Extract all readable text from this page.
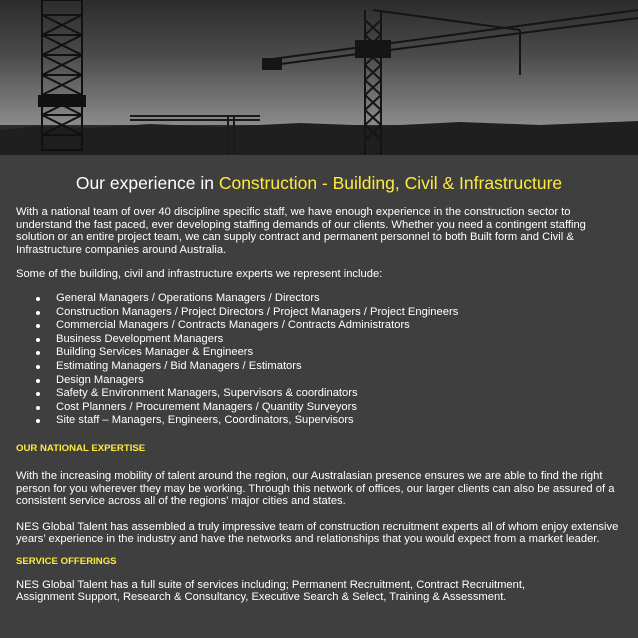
Our experience in Construction - Building, Civil & Infrastructure

With a national team of over 40 discipline specific staff, we have enough experience in the construction sector to understand the fast paced, ever developing staffing demands of our clients. Whether you need a contingent staffing solution or an entire project team, we can supply contract and permanent personnel to both Built form and Civil & Infrastructure companies around Australia.

Some of the building, civil and infrastructure experts we represent include:

General Managers / Operations Managers / Directors
Construction Managers / Project Directors / Project Managers / Project Engineers
Commercial Managers / Contracts Managers / Contracts Administrators
Business Development Managers
Building Services Manager & Engineers
Estimating Managers / Bid Managers / Estimators
Design Managers
Safety & Environment Managers, Supervisors & coordinators
Cost Planners / Procurement Managers / Quantity Surveyors
Site staff – Managers, Engineers, Coordinators, Supervisors

OUR NATIONAL EXPERTISE

With the increasing mobility of talent around the region, our Australasian presence ensures we are able to find the right person for you wherever they may be working. Through this network of offices, our larger clients can also be assured of a consistent service across all of the regions’ major cities and states.

NES Global Talent has assembled a truly impressive team of construction recruitment experts all of whom enjoy extensive years’ experience in the industry and have the networks and relationships that you would expect from a market leader.

SERVICE OFFERINGS

NES Global Talent has a full suite of services including; Permanent Recruitment, Contract Recruitment,
Assignment Support, Research & Consultancy, Executive Search & Select, Training & Assessment.
